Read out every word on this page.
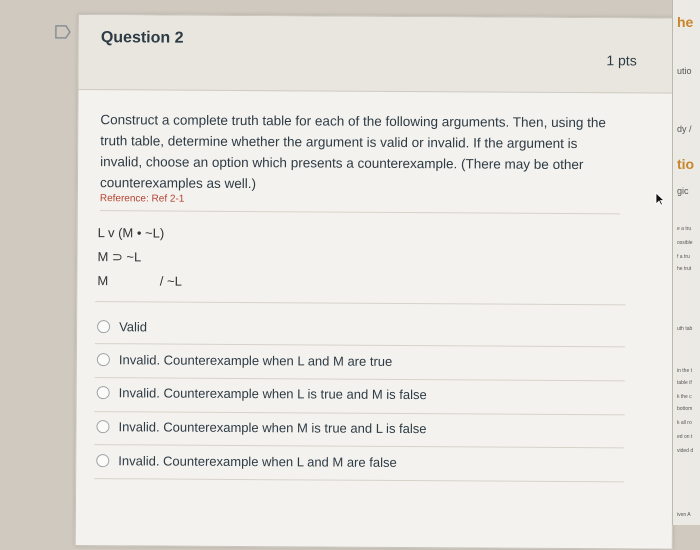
Question 2
1 pts
Construct a complete truth table for each of the following arguments. Then, using the truth table, determine whether the argument is valid or invalid. If the argument is invalid, choose an option which presents a counterexample. (There may be other counterexamples as well.)
Reference: Ref 2-1
L v (M • ~L)
M ⊃ ~L
M	/ ~L
Valid
Invalid. Counterexample when L and M are true
Invalid. Counterexample when L is true and M is false
Invalid. Counterexample when M is true and L is false
Invalid. Counterexample when L and M are false
he
utio
dy /
tio
gic
e a tru
ossible
f a tru
he trut
uth tab
in the t
table if
k the c
bottom
k all ro
ed on t
vided d
iven A
